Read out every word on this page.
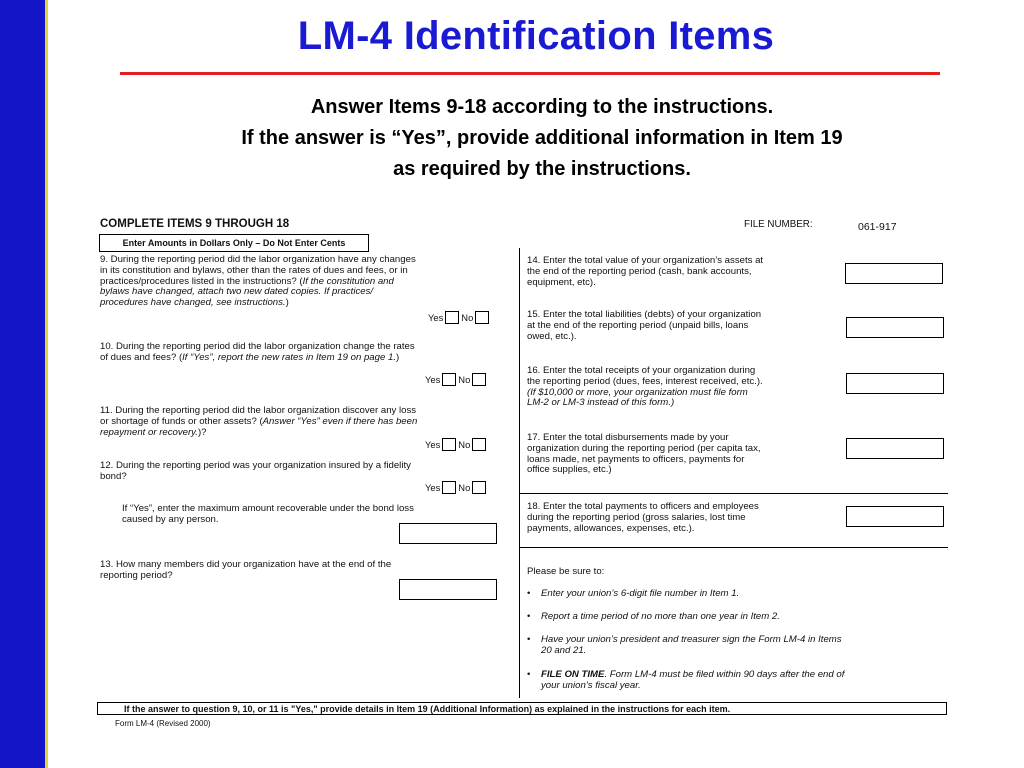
LM-4 Identification Items
Answer Items 9-18 according to the instructions.
If the answer is “Yes”, provide additional information in Item 19
as required by the instructions.
COMPLETE ITEMS 9 THROUGH 18	FILE NUMBER:	061-917
Enter Amounts in Dollars Only – Do Not Enter Cents
9. During the reporting period did the labor organization have any changes
in its constitution and bylaws, other than the rates of dues and fees, or in
practices/procedures listed in the instructions? (If the constitution and
bylaws have changed, attach two new dated copies. If practices/
procedures have changed, see instructions.)
Yes No
10. During the reporting period did the labor organization change the rates
of dues and fees? (If “Yes”, report the new rates in Item 19 on page 1.)
Yes No
11. During the reporting period did the labor organization discover any loss
or shortage of funds or other assets? (Answer “Yes” even if there has been
repayment or recovery.)?
Yes No
12. During the reporting period was your organization insured by a fidelity
bond?
Yes No
If “Yes”, enter the maximum amount recoverable under the bond loss
caused by any person.
13. How many members did your organization have at the end of the
reporting period?
14. Enter the total value of your organization’s assets at
the end of the reporting period (cash, bank accounts,
equipment, etc).
15. Enter the total liabilities (debts) of your organization
at the end of the reporting period (unpaid bills, loans
owed, etc.).
16. Enter the total receipts of your organization during
the reporting period (dues, fees, interest received, etc.).
(If $10,000 or more, your organization must file form
LM-2 or LM-3 instead of this form.)
17. Enter the total disbursements made by your
organization during the reporting period (per capita tax,
loans made, net payments to officers, payments for
office supplies, etc.)
18. Enter the total payments to officers and employees
during the reporting period (gross salaries, lost time
payments, allowances, expenses, etc.).
Please be sure to:
• Enter your union’s 6-digit file number in Item 1.
• Report a time period of no more than one year in Item 2.
• Have your union’s president and treasurer sign the Form LM-4 in Items
20 and 21.
• FILE ON TIME. Form LM-4 must be filed within 90 days after the end of
your union’s fiscal year.
If the answer to question 9, 10, or 11 is "Yes," provide details in Item 19 (Additional Information) as explained in the instructions for each item.
Form LM-4 (Revised 2000)
